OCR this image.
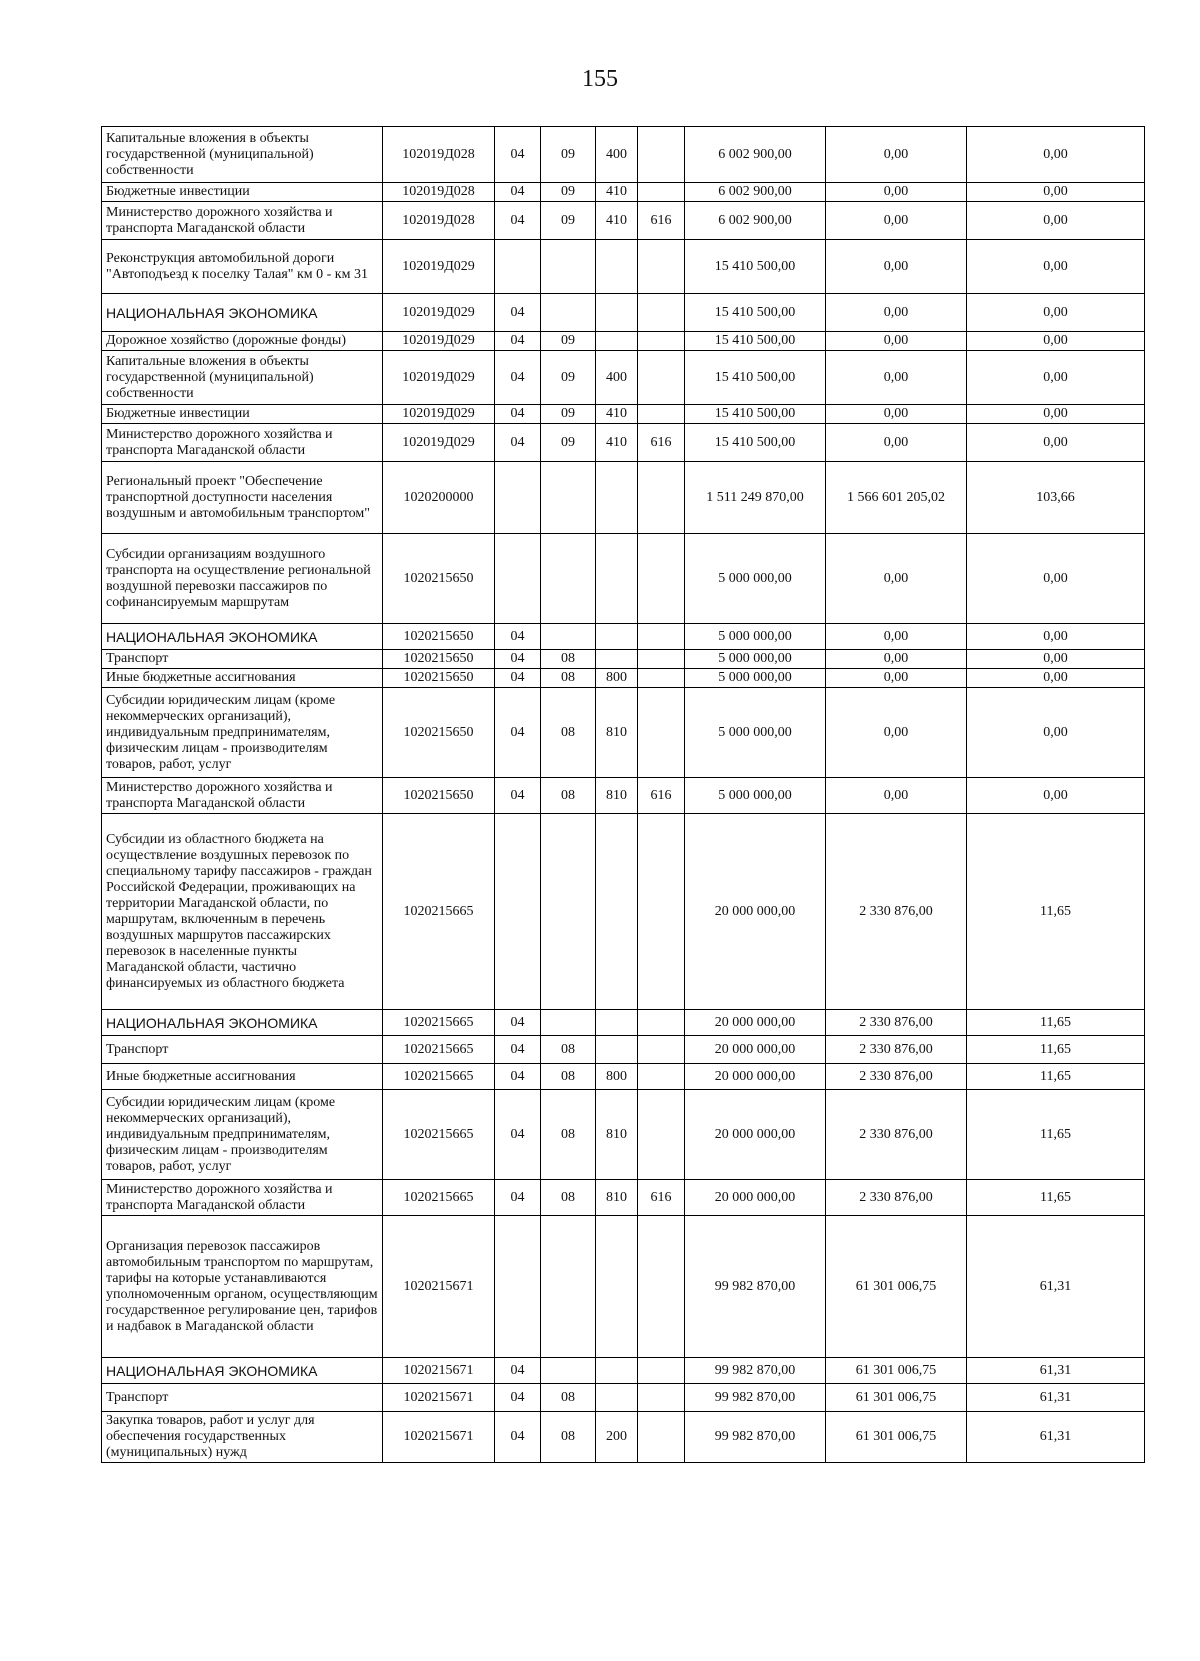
155
Капитальные вложения в объекты государственной (муниципальной) собственности	102019Д028	04	09	400		6 002 900,00	0,00	0,00
Бюджетные инвестиции	102019Д028	04	09	410		6 002 900,00	0,00	0,00
Министерство дорожного хозяйства и транспорта Магаданской области	102019Д028	04	09	410	616	6 002 900,00	0,00	0,00
Реконструкция автомобильной дороги "Автоподъезд к поселку Талая" км 0 - км 31	102019Д029					15 410 500,00	0,00	0,00
НАЦИОНАЛЬНАЯ ЭКОНОМИКА	102019Д029	04				15 410 500,00	0,00	0,00
Дорожное хозяйство (дорожные фонды)	102019Д029	04	09			15 410 500,00	0,00	0,00
Капитальные вложения в объекты государственной (муниципальной) собственности	102019Д029	04	09	400		15 410 500,00	0,00	0,00
Бюджетные инвестиции	102019Д029	04	09	410		15 410 500,00	0,00	0,00
Министерство дорожного хозяйства и транспорта Магаданской области	102019Д029	04	09	410	616	15 410 500,00	0,00	0,00
Региональный проект "Обеспечение транспортной доступности населения воздушным и автомобильным транспортом"	1020200000					1 511 249 870,00	1 566 601 205,02	103,66
Субсидии организациям воздушного транспорта на осуществление региональной воздушной перевозки пассажиров по софинансируемым маршрутам	1020215650					5 000 000,00	0,00	0,00
НАЦИОНАЛЬНАЯ ЭКОНОМИКА	1020215650	04				5 000 000,00	0,00	0,00
Транспорт	1020215650	04	08			5 000 000,00	0,00	0,00
Иные бюджетные ассигнования	1020215650	04	08	800		5 000 000,00	0,00	0,00
Субсидии юридическим лицам (кроме некоммерческих организаций), индивидуальным предпринимателям, физическим лицам - производителям товаров, работ, услуг	1020215650	04	08	810		5 000 000,00	0,00	0,00
Министерство дорожного хозяйства и транспорта Магаданской области	1020215650	04	08	810	616	5 000 000,00	0,00	0,00
Субсидии из областного бюджета на осуществление воздушных перевозок по специальному тарифу пассажиров - граждан Российской Федерации, проживающих на территории Магаданской области, по маршрутам, включенным в перечень воздушных маршрутов пассажирских перевозок в населенные пункты Магаданской области, частично финансируемых из областного бюджета	1020215665					20 000 000,00	2 330 876,00	11,65
НАЦИОНАЛЬНАЯ ЭКОНОМИКА	1020215665	04				20 000 000,00	2 330 876,00	11,65
Транспорт	1020215665	04	08			20 000 000,00	2 330 876,00	11,65
Иные бюджетные ассигнования	1020215665	04	08	800		20 000 000,00	2 330 876,00	11,65
Субсидии юридическим лицам (кроме некоммерческих организаций), индивидуальным предпринимателям, физическим лицам - производителям товаров, работ, услуг	1020215665	04	08	810		20 000 000,00	2 330 876,00	11,65
Министерство дорожного хозяйства и транспорта Магаданской области	1020215665	04	08	810	616	20 000 000,00	2 330 876,00	11,65
Организация перевозок пассажиров автомобильным транспортом по маршрутам, тарифы на которые устанавливаются уполномоченным органом, осуществляющим государственное регулирование цен, тарифов и надбавок в Магаданской области	1020215671					99 982 870,00	61 301 006,75	61,31
НАЦИОНАЛЬНАЯ ЭКОНОМИКА	1020215671	04				99 982 870,00	61 301 006,75	61,31
Транспорт	1020215671	04	08			99 982 870,00	61 301 006,75	61,31
Закупка товаров, работ и услуг для обеспечения государственных (муниципальных) нужд	1020215671	04	08	200		99 982 870,00	61 301 006,75	61,31
